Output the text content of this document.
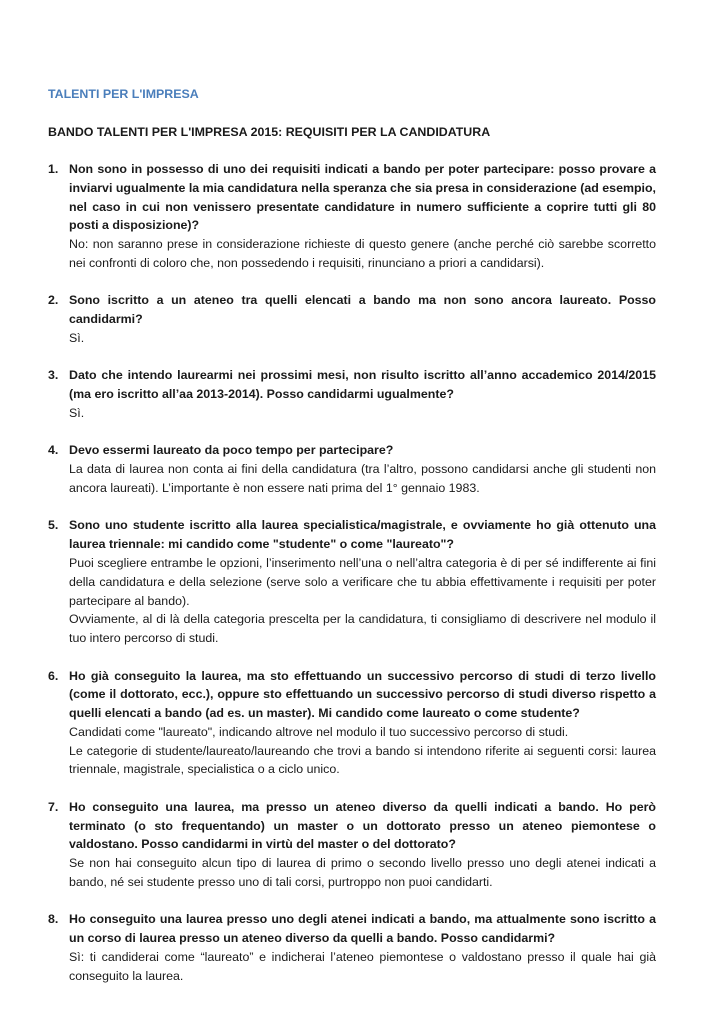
TALENTI PER L'IMPRESA
BANDO TALENTI PER L'IMPRESA 2015: REQUISITI PER LA CANDIDATURA
1. Non sono in possesso di uno dei requisiti indicati a bando per poter partecipare: posso provare a inviarvi ugualmente la mia candidatura nella speranza che sia presa in considerazione (ad esempio, nel caso in cui non venissero presentate candidature in numero sufficiente a coprire tutti gli 80 posti a disposizione)?

No: non saranno prese in considerazione richieste di questo genere (anche perché ciò sarebbe scorretto nei confronti di coloro che, non possedendo i requisiti, rinunciano a priori a candidarsi).

2. Sono iscritto a un ateneo tra quelli elencati a bando ma non sono ancora laureato. Posso candidarmi?

Sì.

3. Dato che intendo laurearmi nei prossimi mesi, non risulto iscritto all’anno accademico 2014/2015 (ma ero iscritto all’aa 2013-2014). Posso candidarmi ugualmente?

Sì.

4. Devo essermi laureato da poco tempo per partecipare?

La data di laurea non conta ai fini della candidatura (tra l’altro, possono candidarsi anche gli studenti non ancora laureati). L’importante è non essere nati prima del 1° gennaio 1983.

5. Sono uno studente iscritto alla laurea specialistica/magistrale, e ovviamente ho già ottenuto una laurea triennale: mi candido come "studente" o come "laureato"?

Puoi scegliere entrambe le opzioni, l’inserimento nell’una o nell’altra categoria è di per sé indifferente ai fini della candidatura e della selezione (serve solo a verificare che tu abbia effettivamente i requisiti per poter partecipare al bando).

Ovviamente, al di là della categoria prescelta per la candidatura, ti consigliamo di descrivere nel modulo il tuo intero percorso di studi.

6. Ho già conseguito la laurea, ma sto effettuando un successivo percorso di studi di terzo livello (come il dottorato, ecc.), oppure sto effettuando un successivo percorso di studi diverso rispetto a quelli elencati a bando (ad es. un master). Mi candido come laureato o come studente?

Candidati come "laureato", indicando altrove nel modulo il tuo successivo percorso di studi.

Le categorie di studente/laureato/laureando che trovi a bando si intendono riferite ai seguenti corsi: laurea triennale, magistrale, specialistica o a ciclo unico.

7. Ho conseguito una laurea, ma presso un ateneo diverso da quelli indicati a bando. Ho però terminato (o sto frequentando) un master o un dottorato presso un ateneo piemontese o valdostano. Posso candidarmi in virtù del master o del dottorato?

Se non hai conseguito alcun tipo di laurea di primo o secondo livello presso uno degli atenei indicati a bando, né sei studente presso uno di tali corsi, purtroppo non puoi candidarti.

8. Ho conseguito una laurea presso uno degli atenei indicati a bando, ma attualmente sono iscritto a un corso di laurea presso un ateneo diverso da quelli a bando. Posso candidarmi?

Sì: ti candiderai come “laureato” e indicherai l’ateneo piemontese o valdostano presso il quale hai già conseguito la laurea.
